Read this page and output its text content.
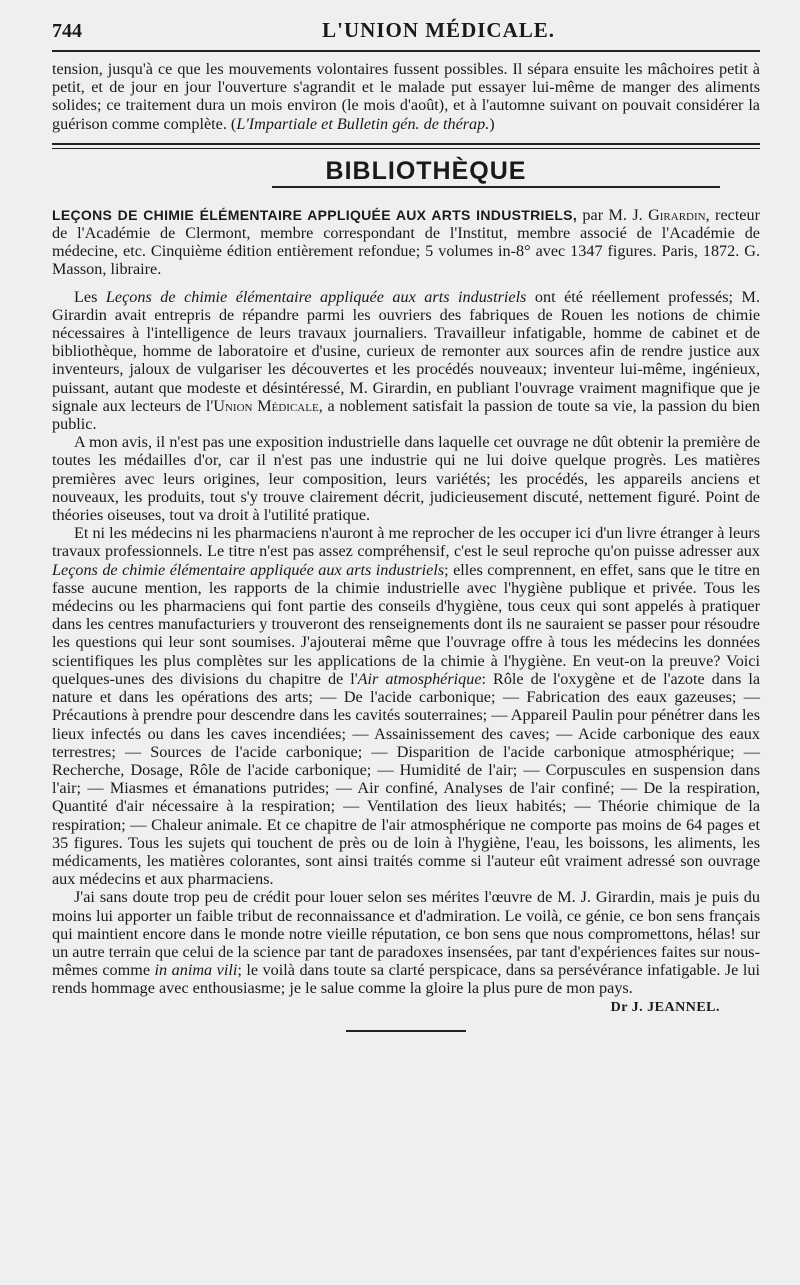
744	L'UNION MÉDICALE.

tension, jusqu'à ce que les mouvements volontaires fussent possibles. Il sépara ensuite les mâchoires petit à petit, et de jour en jour l'ouverture s'agrandit et le malade put essayer lui-même de manger des aliments solides; ce traitement dura un mois environ (le mois d'août), et à l'automne suivant on pouvait considérer la guérison comme complète. (L'Impartiale et Bulletin gén. de thérap.)

BIBLIOTHÈQUE

LEÇONS DE CHIMIE ÉLÉMENTAIRE APPLIQUÉE AUX ARTS INDUSTRIELS, par M. J. Girardin, recteur de l'Académie de Clermont, membre correspondant de l'Institut, membre associé de l'Académie de médecine, etc. Cinquième édition entièrement refondue; 5 volumes in-8° avec 1347 figures. Paris, 1872. G. Masson, libraire.

Les Leçons de chimie élémentaire appliquée aux arts industriels ont été réellement professés; M. Girardin avait entrepris de répandre parmi les ouvriers des fabriques de Rouen les notions de chimie nécessaires à l'intelligence de leurs travaux journaliers. Travailleur infatigable, homme de cabinet et de bibliothèque, homme de laboratoire et d'usine, curieux de remonter aux sources afin de rendre justice aux inventeurs, jaloux de vulgariser les découvertes et les procédés nouveaux; inventeur lui-même, ingénieux, puissant, autant que modeste et désintéressé, M. Girardin, en publiant l'ouvrage vraiment magnifique que je signale aux lecteurs de l'Union Médicale, a noblement satisfait la passion de toute sa vie, la passion du bien public.

A mon avis, il n'est pas une exposition industrielle dans laquelle cet ouvrage ne dût obtenir la première de toutes les médailles d'or, car il n'est pas une industrie qui ne lui doive quelque progrès. Les matières premières avec leurs origines, leur composition, leurs variétés; les procédés, les appareils anciens et nouveaux, les produits, tout s'y trouve clairement décrit, judicieusement discuté, nettement figuré. Point de théories oiseuses, tout va droit à l'utilité pratique.

Et ni les médecins ni les pharmaciens n'auront à me reprocher de les occuper ici d'un livre étranger à leurs travaux professionnels. Le titre n'est pas assez compréhensif, c'est le seul reproche qu'on puisse adresser aux Leçons de chimie élémentaire appliquée aux arts industriels; elles comprennent, en effet, sans que le titre en fasse aucune mention, les rapports de la chimie industrielle avec l'hygiène publique et privée. Tous les médecins ou les pharmaciens qui font partie des conseils d'hygiène, tous ceux qui sont appelés à pratiquer dans les centres manufacturiers y trouveront des renseignements dont ils ne sauraient se passer pour résoudre les questions qui leur sont soumises. J'ajouterai même que l'ouvrage offre à tous les médecins les données scientifiques les plus complètes sur les applications de la chimie à l'hygiène. En veut-on la preuve? Voici quelques-unes des divisions du chapitre de l'Air atmosphérique: Rôle de l'oxygène et de l'azote dans la nature et dans les opérations des arts; — De l'acide carbonique; — Fabrication des eaux gazeuses; — Précautions à prendre pour descendre dans les cavités souterraines; — Appareil Paulin pour pénétrer dans les lieux infectés ou dans les caves incendiées; — Assainissement des caves; — Acide carbonique des eaux terrestres; — Sources de l'acide carbonique; — Disparition de l'acide carbonique atmosphérique; — Recherche, Dosage, Rôle de l'acide carbonique; — Humidité de l'air; — Corpuscules en suspension dans l'air; — Miasmes et émanations putrides; — Air confiné, Analyses de l'air confiné; — De la respiration, Quantité d'air nécessaire à la respiration; — Ventilation des lieux habités; — Théorie chimique de la respiration; — Chaleur animale. Et ce chapitre de l'air atmosphérique ne comporte pas moins de 64 pages et 35 figures. Tous les sujets qui touchent de près ou de loin à l'hygiène, l'eau, les boissons, les aliments, les médicaments, les matières colorantes, sont ainsi traités comme si l'auteur eût vraiment adressé son ouvrage aux médecins et aux pharmaciens.

J'ai sans doute trop peu de crédit pour louer selon ses mérites l'œuvre de M. J. Girardin, mais je puis du moins lui apporter un faible tribut de reconnaissance et d'admiration. Le voilà, ce génie, ce bon sens français qui maintient encore dans le monde notre vieille réputation, ce bon sens que nous compromettons, hélas! sur un autre terrain que celui de la science par tant de paradoxes insensées, par tant d'expériences faites sur nous-mêmes comme in anima vili; le voilà dans toute sa clarté perspicace, dans sa persévérance infatigable. Je lui rends hommage avec enthousiasme; je le salue comme la gloire la plus pure de mon pays.

Dr J. JEANNEL.
